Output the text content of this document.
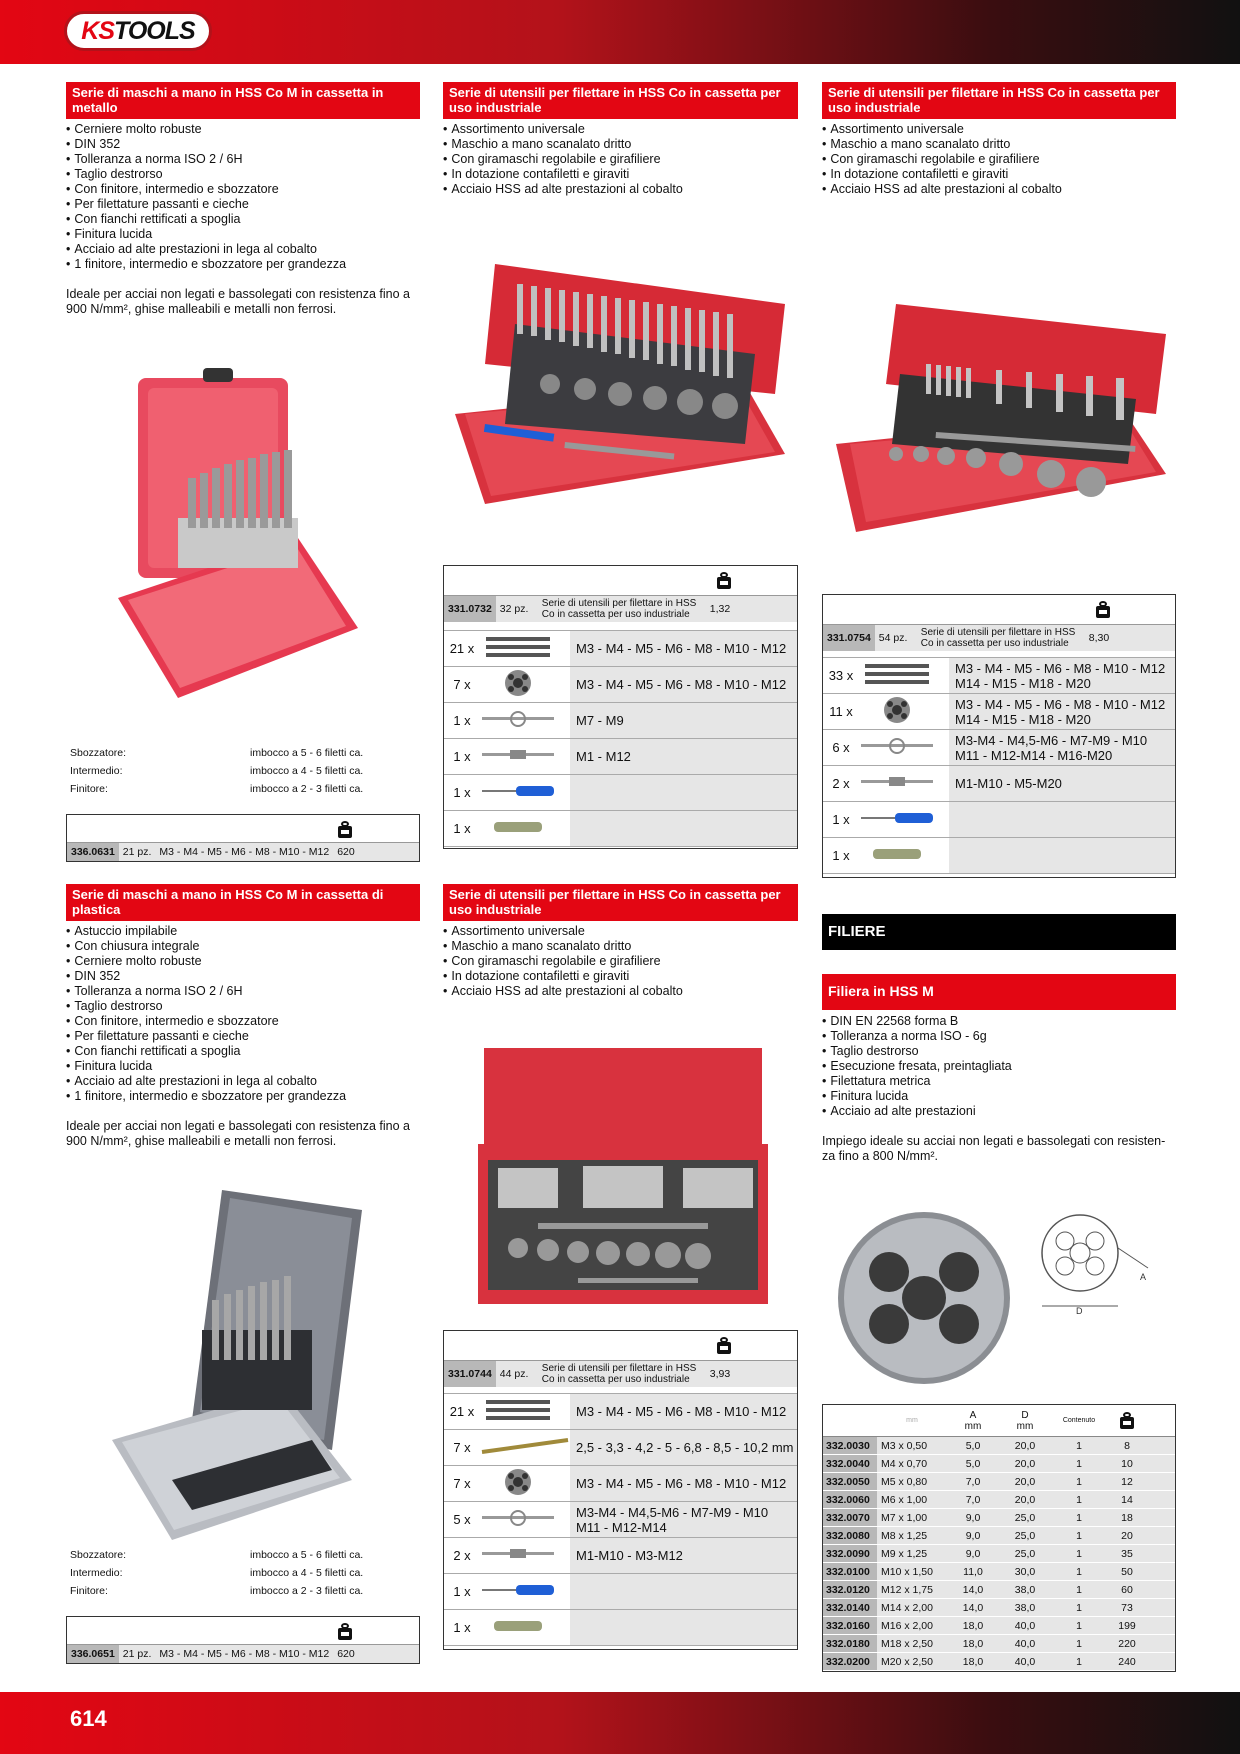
KS TOOLS
Serie di maschi a mano in HSS Co M in cassetta in metallo
• Cerniere molto robuste
• DIN 352
• Tolleranza a norma ISO 2 / 6H
• Taglio destrorso
• Con finitore, intermedio e sbozzatore
• Per filettature passanti e cieche
• Con fianchi rettificati a spoglia
• Finitura lucida
• Acciaio ad alte prestazioni in lega al cobalto
• 1 finitore, intermedio e sbozzatore per grandezza

Ideale per acciai non legati e bassolegati con resistenza fino a 900 N/mm², ghise malleabili e metalli non ferrosi.

Sbozzatore:	imbocco a 5 - 6 filetti ca.
Intermedio:	imbocco a 4 - 5 filetti ca.
Finitore:	imbocco a 2 - 3 filetti ca.
336.0631 21 pz. M3 - M4 - M5 - M6 - M8 - M10 - M12 620
Serie di maschi a mano in HSS Co M in cassetta di plastica
• Astuccio impilabile
• Con chiusura integrale
• Cerniere molto robuste
• DIN 352
• Tolleranza a norma ISO 2 / 6H
• Taglio destrorso
• Con finitore, intermedio e sbozzatore
• Per filettature passanti e cieche
• Con fianchi rettificati a spoglia
• Finitura lucida
• Acciaio ad alte prestazioni in lega al cobalto
• 1 finitore, intermedio e sbozzatore per grandezza

Ideale per acciai non legati e bassolegati con resistenza fino a 900 N/mm², ghise malleabili e metalli non ferrosi.

Sbozzatore:	imbocco a 5 - 6 filetti ca.
Intermedio:	imbocco a 4 - 5 filetti ca.
Finitore:	imbocco a 2 - 3 filetti ca.
336.0651 21 pz. M3 - M4 - M5 - M6 - M8 - M10 - M12 620
Serie di utensili per filettare in HSS Co in cassetta per uso industriale
• Assortimento universale
• Maschio a mano scanalato dritto
• Con giramaschi regolabile e girafiliere
• In dotazione contafiletti e giraviti
• Acciaio HSS ad alte prestazioni al cobalto
331.0732 32 pz.	Serie di utensili per filettare in HSS Co in cassetta per uso industriale	1,32
21 x		M3 - M4 - M5 - M6 - M8 - M10 - M12
7 x		M3 - M4 - M5 - M6 - M8 - M10 - M12
1 x		M7 - M9
1 x		M1 - M12
1 x		
1 x		
Serie di utensili per filettare in HSS Co in cassetta per uso industriale
• Assortimento universale
• Maschio a mano scanalato dritto
• Con giramaschi regolabile e girafiliere
• In dotazione contafiletti e giraviti
• Acciaio HSS ad alte prestazioni al cobalto
331.0744 44 pz.	Serie di utensili per filettare in HSS Co in cassetta per uso industriale	3,93
21 x		M3 - M4 - M5 - M6 - M8 - M10 - M12
7 x		2,5 - 3,3 - 4,2 - 5 - 6,8 - 8,5 - 10,2 mm
7 x		M3 - M4 - M5 - M6 - M8 - M10 - M12
5 x		M3-M4 - M4,5-M6 - M7-M9 - M10
M11 - M12-M14
2 x		M1-M10 - M3-M12
1 x		
1 x		
Serie di utensili per filettare in HSS Co in cassetta per uso industriale
• Assortimento universale
• Maschio a mano scanalato dritto
• Con giramaschi regolabile e girafiliere
• In dotazione contafiletti e giraviti
• Acciaio HSS ad alte prestazioni al cobalto
331.0754 54 pz.	Serie di utensili per filettare in HSS Co in cassetta per uso industriale	8,30
33 x		M3 - M4 - M5 - M6 - M8 - M10 - M12
M14 - M15 - M18 - M20
11 x		M3 - M4 - M5 - M6 - M8 - M10 - M12
M14 - M15 - M18 - M20
6 x		M3-M4 - M4,5-M6 - M7-M9 - M10
M11 - M12-M14 - M16-M20
2 x		M1-M10 - M5-M20
1 x		
1 x		
FILIERE
Filiera in HSS M
• DIN EN 22568 forma B
• Tolleranza a norma ISO - 6g
• Taglio destrorso
• Esecuzione fresata, preintagliata
• Filettatura metrica
• Finitura lucida
• Acciaio ad alte prestazioni

Impiego ideale su acciai non legati e bassolegati con resisten-za fino a 800 N/mm².

D
A
mm	A
mm
D
mm	Contenuto
332.0030	M3 x 0,50	5,0	20,0	1	8
332.0040	M4 x 0,70	5,0	20,0	1	10
332.0050	M5 x 0,80	7,0	20,0	1	12
332.0060	M6 x 1,00	7,0	20,0	1	14
332.0070	M7 x 1,00	9,0	25,0	1	18
332.0080	M8 x 1,25	9,0	25,0	1	20
332.0090	M9 x 1,25	9,0	25,0	1	35
332.0100	M10 x 1,50	11,0	30,0	1	50
332.0120	M12 x 1,75	14,0	38,0	1	60
332.0140	M14 x 2,00	14,0	38,0	1	73
332.0160	M16 x 2,00	18,0	40,0	1	199
332.0180	M18 x 2,50	18,0	40,0	1	220
332.0200	M20 x 2,50	18,0	40,0	1	240
614
